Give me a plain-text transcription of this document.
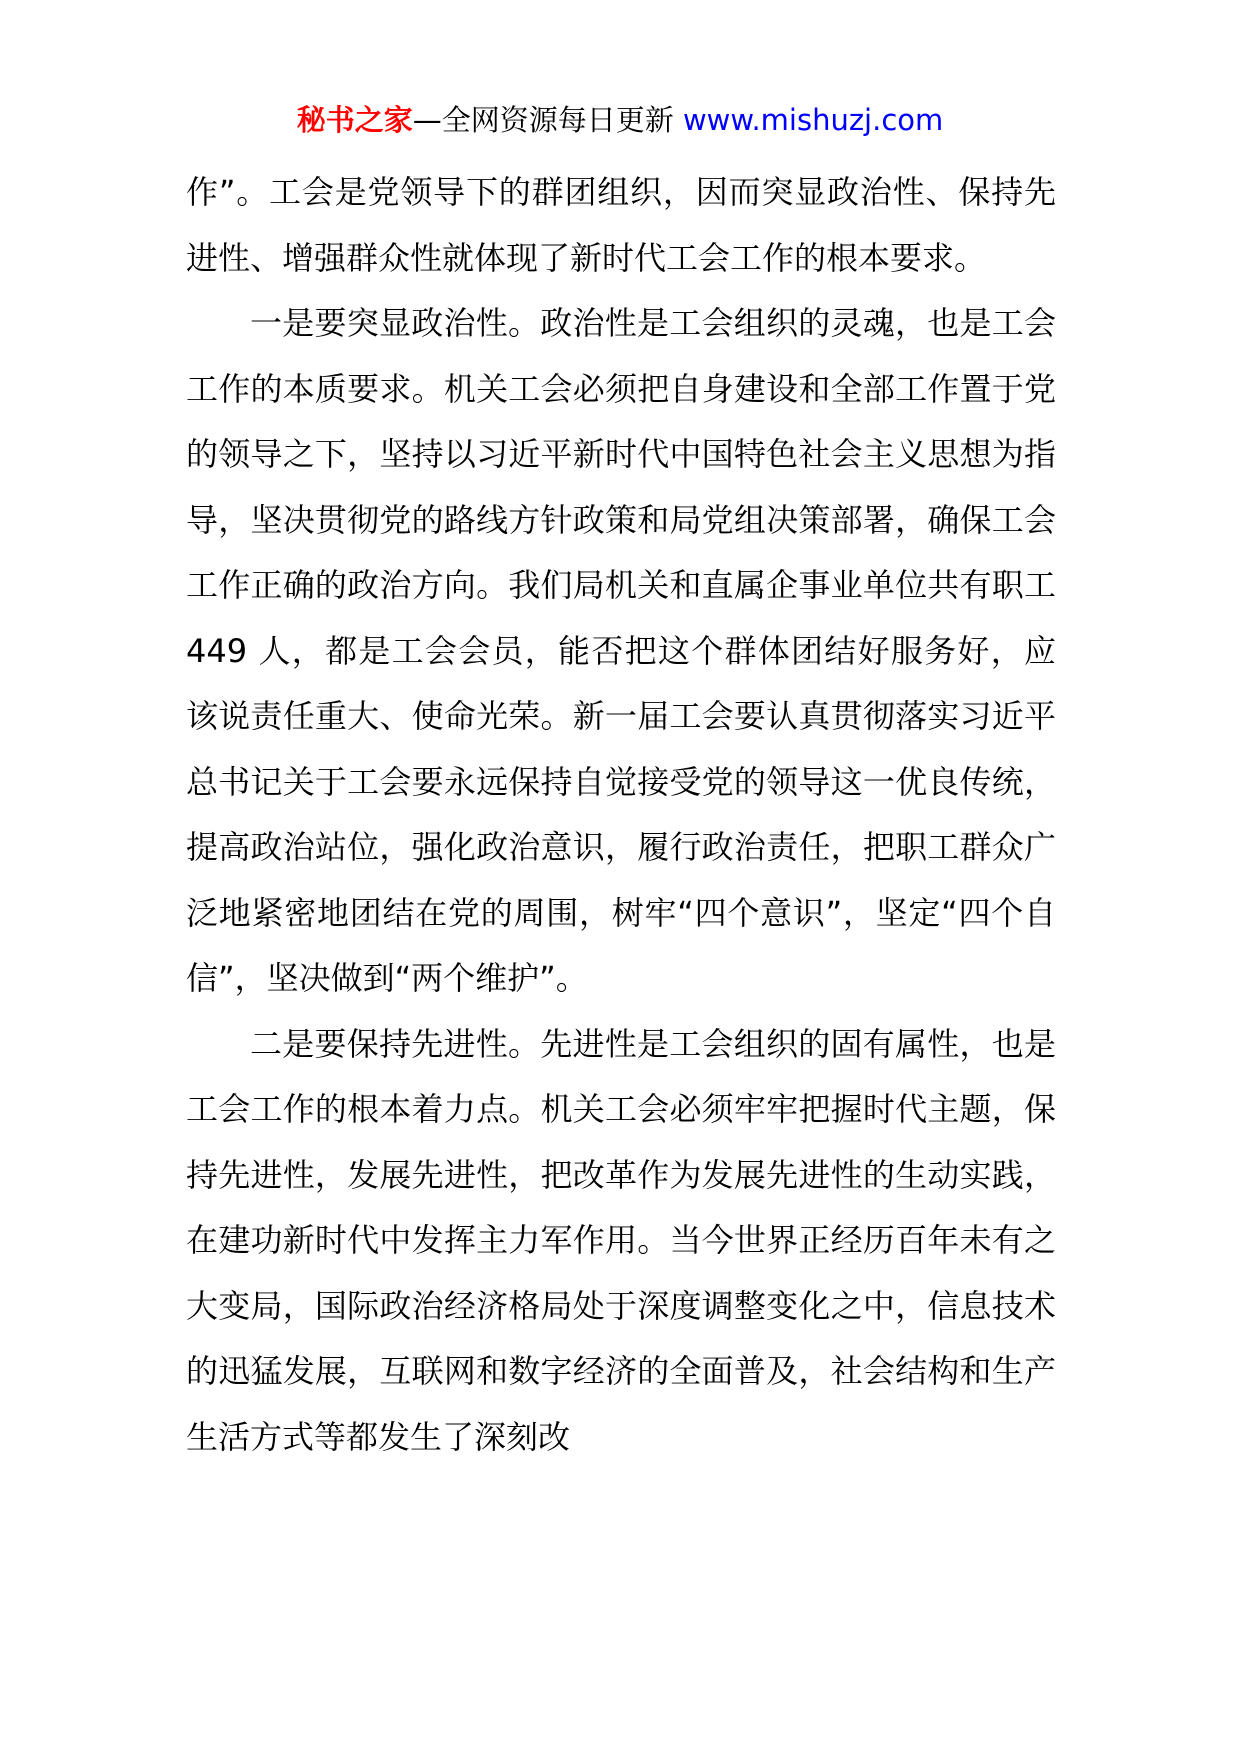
秘书之家—全网资源每日更新 www.mishuzj.com

作”。工会是党领导下的群团组织，因而突显政治性、保持先进性、增强群众性就体现了新时代工会工作的根本要求。

一是要突显政治性。政治性是工会组织的灵魂，也是工会工作的本质要求。机关工会必须把自身建设和全部工作置于党的领导之下，坚持以习近平新时代中国特色社会主义思想为指导，坚决贯彻党的路线方针政策和局党组决策部署，确保工会工作正确的政治方向。我们局机关和直属企事业单位共有职工 449 人，都是工会会员，能否把这个群体团结好服务好，应该说责任重大、使命光荣。新一届工会要认真贯彻落实习近平总书记关于工会要永远保持自觉接受党的领导这一优良传统，提高政治站位，强化政治意识，履行政治责任，把职工群众广泛地紧密地团结在党的周围，树牢“四个意识”，坚定“四个自信”，坚决做到“两个维护”。

二是要保持先进性。先进性是工会组织的固有属性，也是工会工作的根本着力点。机关工会必须牢牢把握时代主题，保持先进性，发展先进性，把改革作为发展先进性的生动实践，在建功新时代中发挥主力军作用。当今世界正经历百年未有之大变局，国际政治经济格局处于深度调整变化之中，信息技术的迅猛发展，互联网和数字经济的全面普及，社会结构和生产生活方式等都发生了深刻改
